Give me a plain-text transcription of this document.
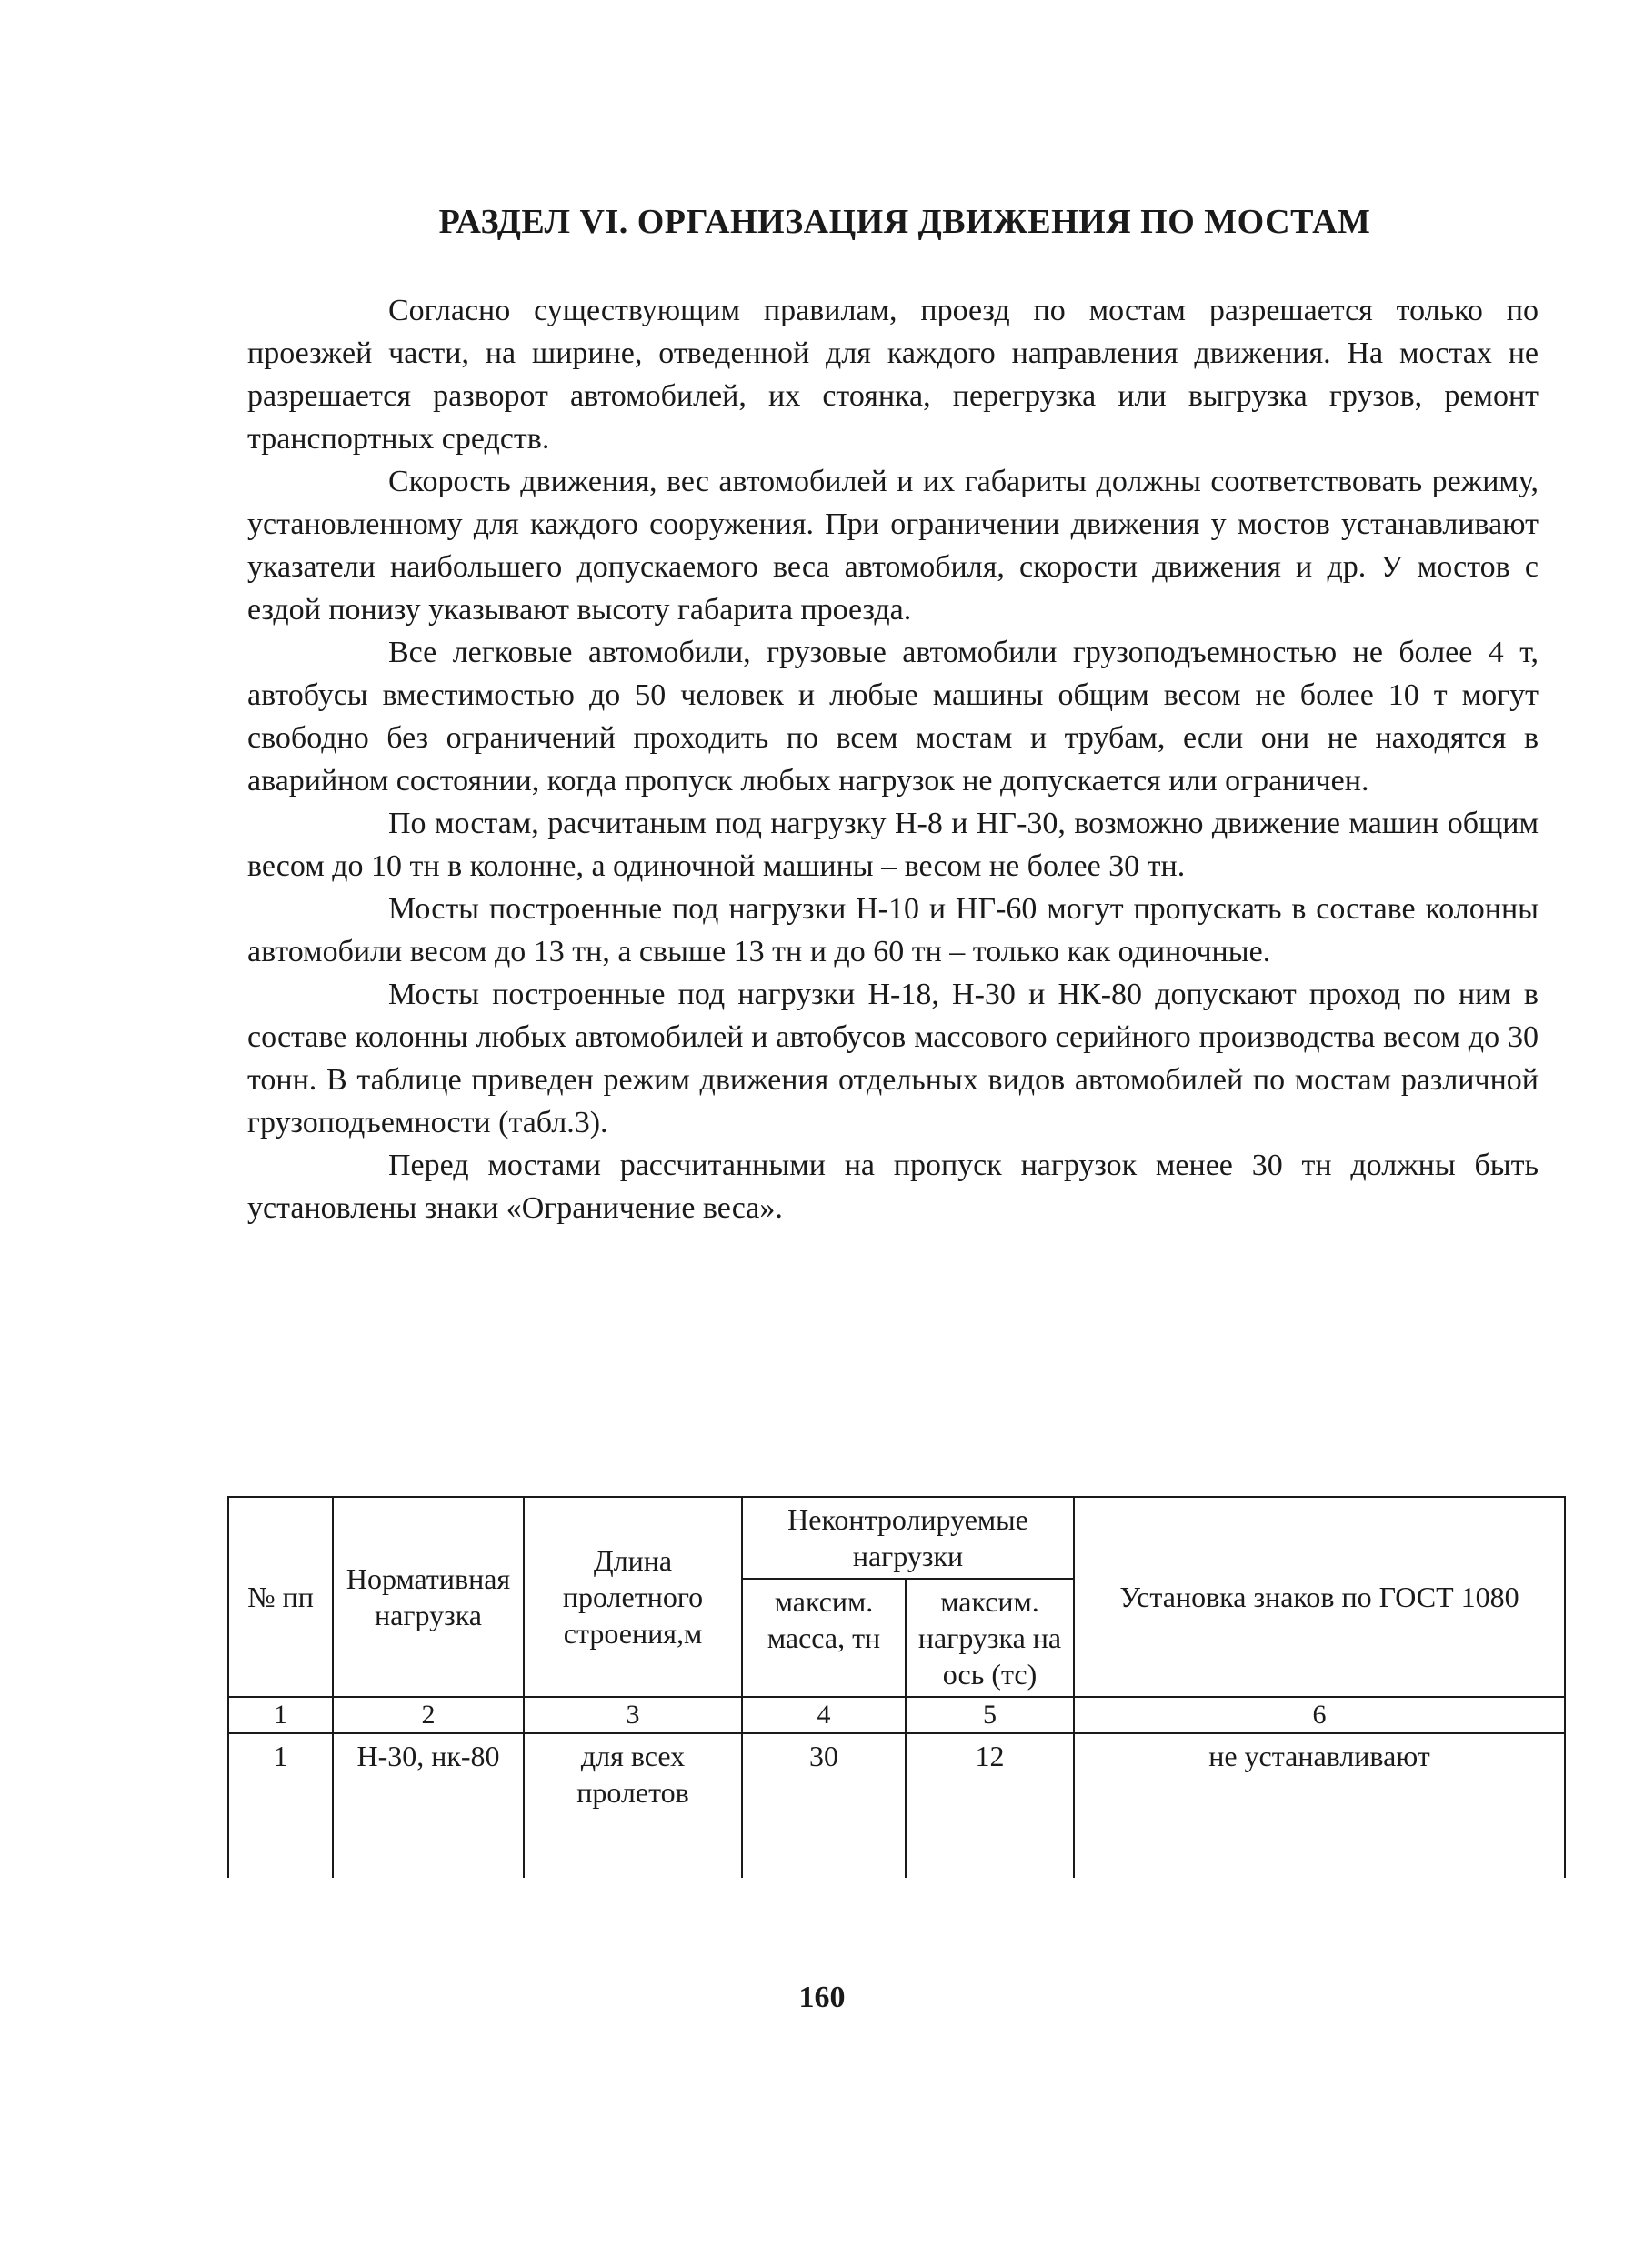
РАЗДЕЛ VI. ОРГАНИЗАЦИЯ ДВИЖЕНИЯ ПО МОСТАМ

Согласно существующим правилам, проезд по мостам разрешается только по проезжей части, на ширине, отведенной для каждого направления движения. На мостах не разрешается разворот автомобилей, их стоянка, перегрузка или выгрузка грузов, ремонт транспортных средств.

Скорость движения, вес автомобилей и их габариты должны соответствовать режиму, установленному для каждого сооружения. При ограничении движения у мостов устанавливают указатели наибольшего допускаемого веса автомобиля, скорости движения и др. У мостов с ездой понизу указывают высоту габарита проезда.

Все легковые автомобили, грузовые автомобили грузоподъемностью не более 4 т, автобусы вместимостью до 50 человек и любые машины общим весом не более 10 т могут свободно без ограничений проходить по всем мостам и трубам, если они не находятся в аварийном состоянии, когда пропуск любых нагрузок не допускается или ограничен.

По мостам, расчитаным под нагрузку Н-8 и НГ-30, возможно движение машин общим весом до 10 тн в колонне, а одиночной машины – весом не более 30 тн.

Мосты построенные под нагрузки Н-10 и НГ-60 могут пропускать в составе колонны автомобили весом до 13 тн, а свыше 13 тн и до 60 тн – только как одиночные.

Мосты построенные под нагрузки Н-18, Н-30 и НК-80 допускают проход по ним в составе колонны любых автомобилей и автобусов массового серийного производства весом до 30 тонн. В таблице приведен режим движения отдельных видов автомобилей по мостам различной грузоподъемности (табл.3).

Перед мостами рассчитанными на пропуск нагрузок менее 30 тн должны быть установлены знаки «Ограничение веса».

№ пп	Нормативная нагрузка	Длина пролетного строения,м	Неконтролируемые нагрузки		Установка знаков по ГОСТ 1080
			максим. масса, тн	максим. нагрузка на ось (тс)	
1	2	3	4	5	6
1	Н-30, нк-80	для всех пролетов	30	12	не устанавливают
160
